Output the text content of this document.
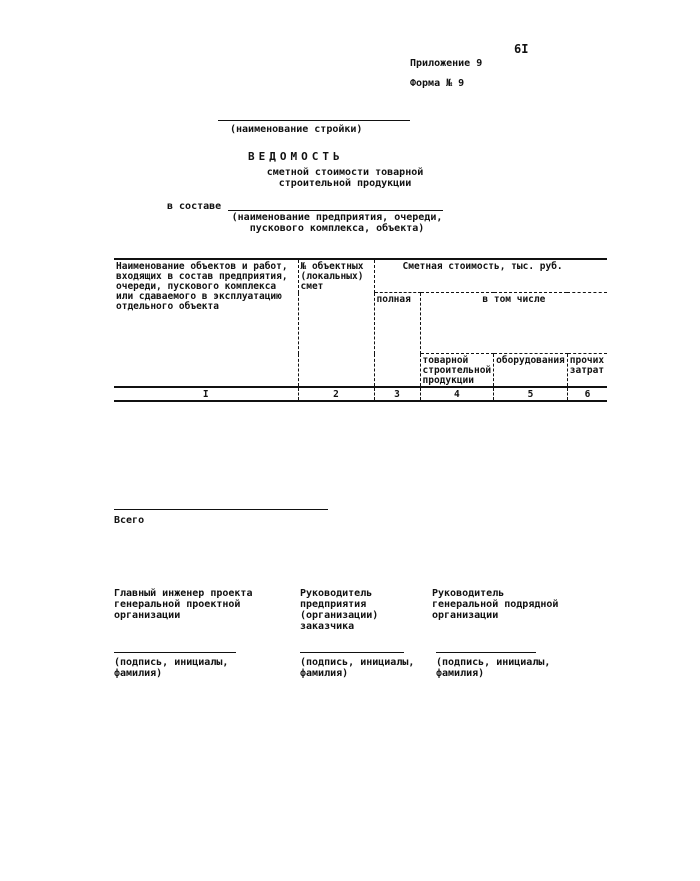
6I
Приложение 9
Форма № 9
(наименование стройки)
ВЕДОМОСТЬ
сметной стоимости товарной строительной продукции
в составе
(наименование предприятия, очереди, пускового комплекса, объекта)
Наименование объектов и работ, входящих в состав предприятия, очереди, пускового комплекса или сдаваемого в эксплуатацию отдельного объекта	№ объектных (локальных) смет	Сметная стоимость, тыс. руб.			
		полная	в том числе		
			товарной строительной продукции	оборудования	прочих затрат
I	2	3	4	5	6
Всего
Главный инженер проекта генеральной проектной организации
(подпись, инициалы, фамилия)
Руководитель предприятия (организации) заказчика
(подпись, инициалы, фамилия)
Руководитель генеральной подрядной организации
(подпись, инициалы, фамилия)
